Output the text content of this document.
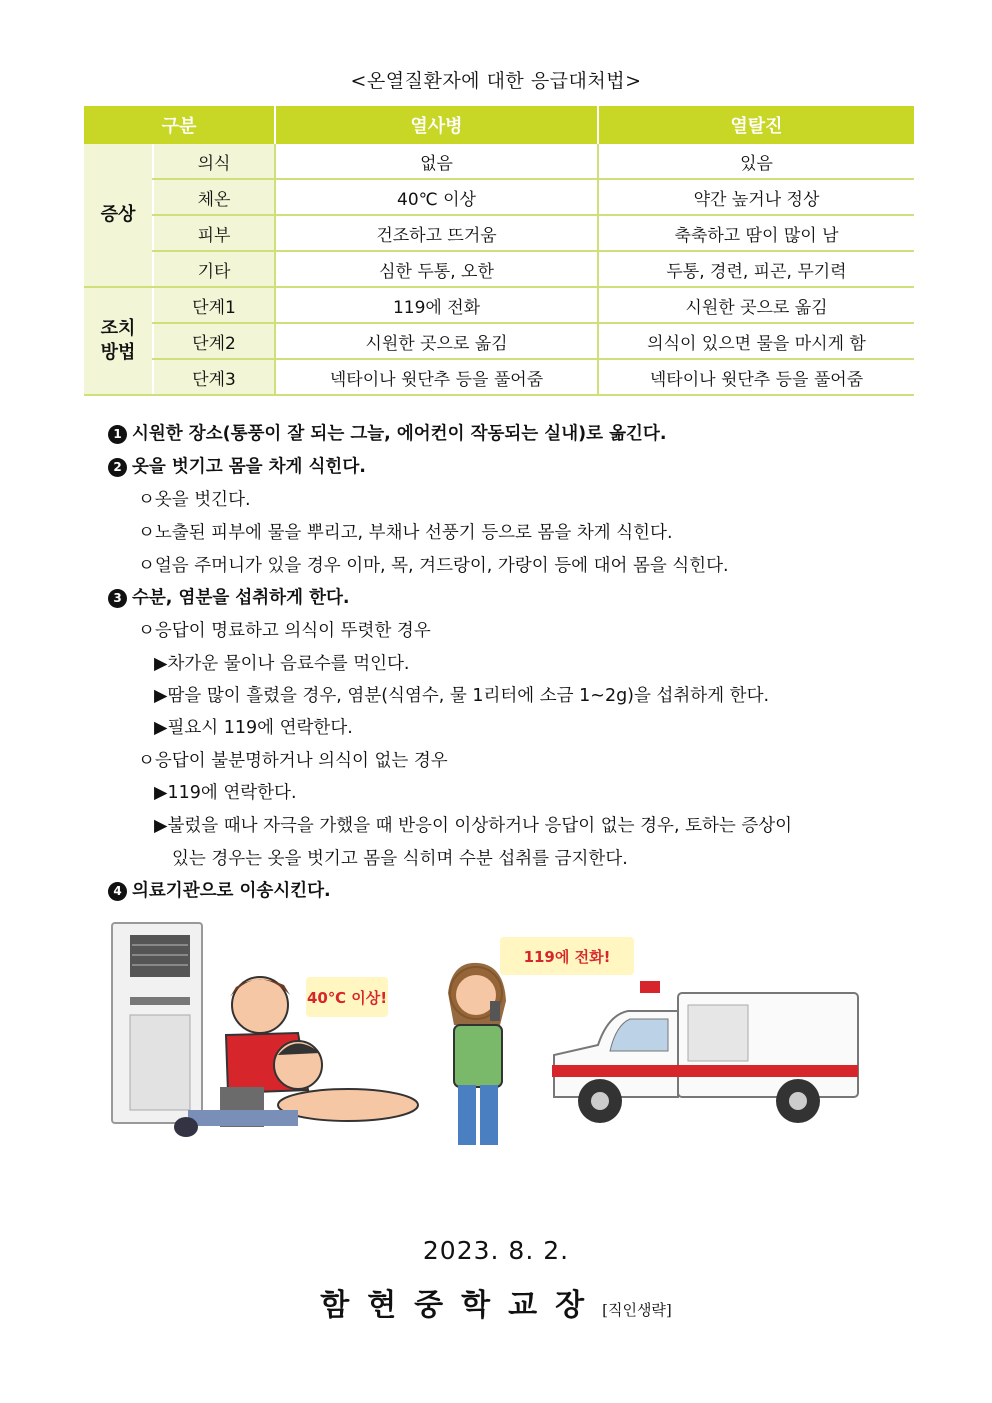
<온열질환자에 대한 응급대처법>
구분		열사병	열탈진
증상	의식	없음	있음
	체온	40℃ 이상	약간 높거나 정상
	피부	건조하고 뜨거움	축축하고 땀이 많이 남
	기타	심한 두통, 오한	두통, 경련, 피곤, 무기력
조치
방법	단계1	119에 전화	시원한 곳으로 옮김
	단계2	시원한 곳으로 옮김	의식이 있으면 물을 마시게 함
	단계3	넥타이나 윗단추 등을 풀어줌	넥타이나 윗단추 등을 풀어줌
1 시원한 장소(통풍이 잘 되는 그늘, 에어컨이 작동되는 실내)로 옮긴다.
2 옷을 벗기고 몸을 차게 식힌다.
ㅇ옷을 벗긴다.
ㅇ노출된 피부에 물을 뿌리고, 부채나 선풍기 등으로 몸을 차게 식힌다.
ㅇ얼음 주머니가 있을 경우 이마, 목, 겨드랑이, 가랑이 등에 대어 몸을 식힌다.
3 수분, 염분을 섭취하게 한다.
ㅇ응답이 명료하고 의식이 뚜렷한 경우
▶차가운 물이나 음료수를 먹인다.
▶땀을 많이 흘렸을 경우, 염분(식염수, 물 1리터에 소금 1~2g)을 섭취하게 한다.
▶필요시 119에 연락한다.
ㅇ응답이 불분명하거나 의식이 없는 경우
▶119에 연락한다.
▶불렀을 때나 자극을 가했을 때 반응이 이상하거나 응답이 없는 경우, 토하는 증상이
있는 경우는 옷을 벗기고 몸을 식히며 수분 섭취를 금지한다.
4 의료기관으로 이송시킨다.
40℃ 이상!
119에 전화!
2023. 8. 2.
함현중학교장[직인생략]
